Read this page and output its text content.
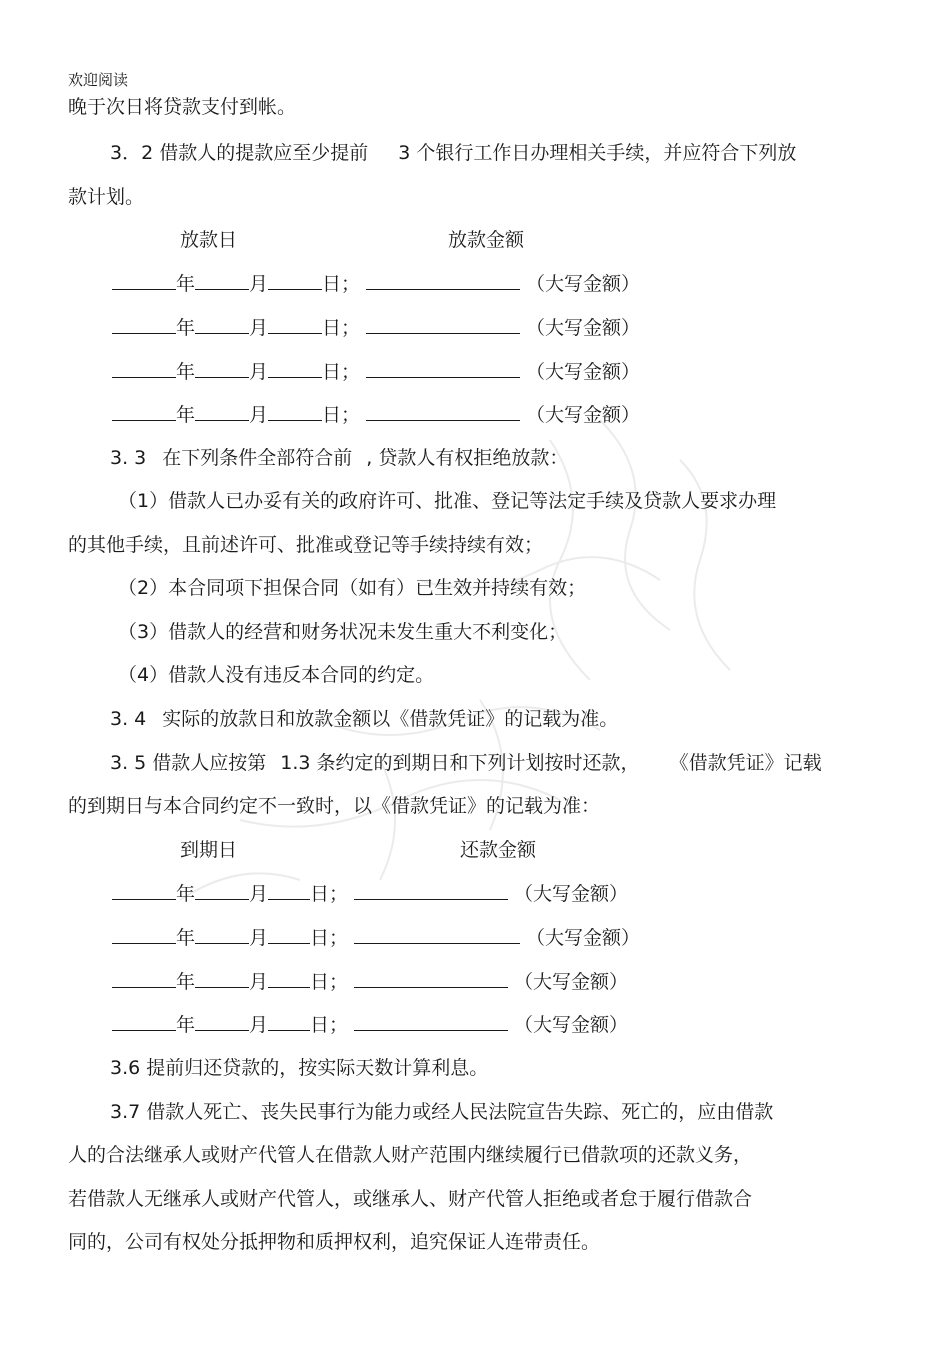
欢迎阅读
晚于次日将贷款支付到帐。
3．2 借款人的提款应至少提前 3 个银行工作日办理相关手续，并应符合下列放
款计划。
放款日	放款金额
年	月	日；	（大写金额）
年	月	日；	（大写金额）
年	月	日；	（大写金额）
年	月	日；	（大写金额）
3. 3 在下列条件全部符合前 , 贷款人有权拒绝放款：
（1）借款人已办妥有关的政府许可、批准、登记等法定手续及贷款人要求办理
的其他手续，且前述许可、批准或登记等手续持续有效；
（2）本合同项下担保合同（如有）已生效并持续有效；
（3）借款人的经营和财务状况未发生重大不利变化；
（4）借款人没有违反本合同的约定。
3. 4 实际的放款日和放款金额以《借款凭证》的记载为准。
3. 5 借款人应按第 1.3 条约定的到期日和下列计划按时还款， 《借款凭证》记载
的到期日与本合同约定不一致时，以《借款凭证》的记载为准：
到期日	还款金额
年	月 日；	（大写金额）
年	月 日；	（大写金额）
年	月 日；	（大写金额）
年	月 日；	（大写金额）
3.6 提前归还贷款的，按实际天数计算利息。
3.7 借款人死亡、丧失民事行为能力或经人民法院宣告失踪、死亡的，应由借款
人的合法继承人或财产代管人在借款人财产范围内继续履行已借款项的还款义务，
若借款人无继承人或财产代管人，或继承人、财产代管人拒绝或者怠于履行借款合
同的，公司有权处分抵押物和质押权利，追究保证人连带责任。
